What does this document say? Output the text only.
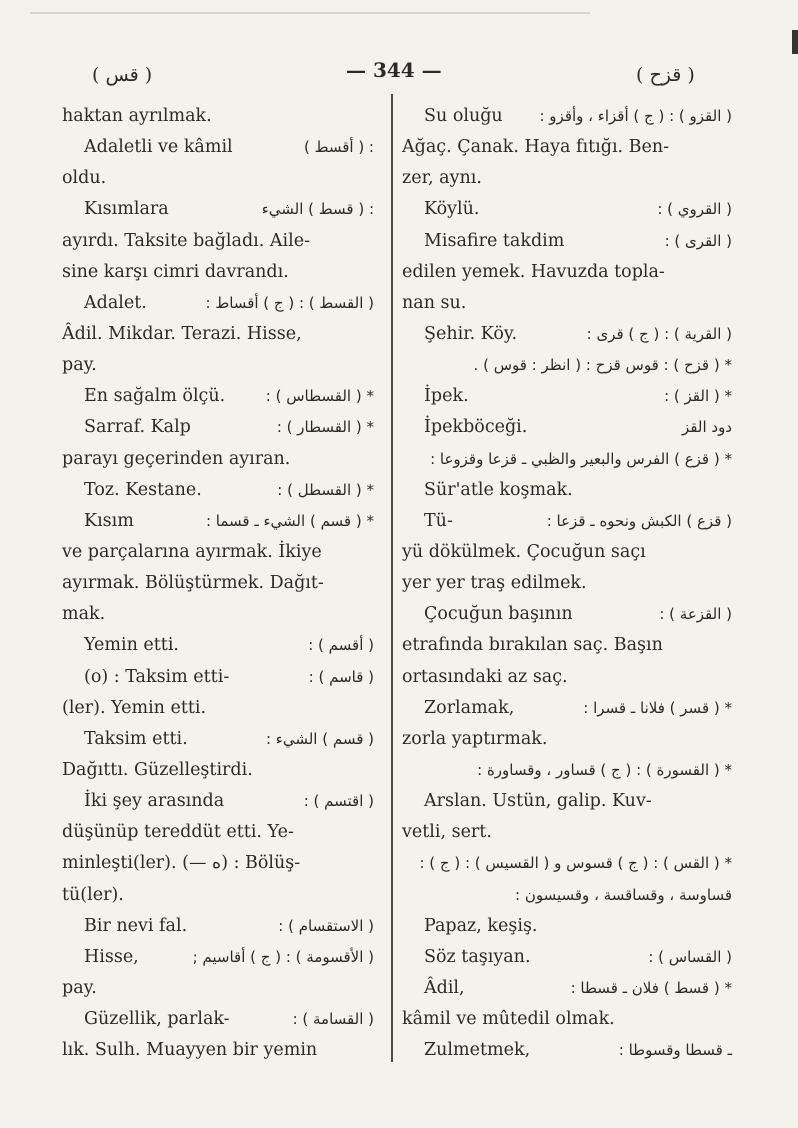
( قس )	— 344 —	( قزح )
haktan ayrılmak.
Adaletli ve kâmil	: ( أقسط )
oldu.
Kısımlara	: ( قسط ) الشيء
ayırdı. Taksite bağladı. Aile-
sine karşı cimri davrandı.
Adalet.	( القسط ) : ( ج ) أقساط :
Âdil. Mikdar. Terazi. Hisse,
pay.
En sağalm ölçü.	* ( القسطاس ) :
Sarraf. Kalp	* ( القسطار ) :
parayı geçerinden ayıran.
Toz. Kestane.	* ( القسطل ) :
Kısım	* ( قسم ) الشيء ـ قسما :
ve parçalarına ayırmak. İkiye
ayırmak. Bölüştürmek. Dağıt-
mak.
Yemin etti.	( أقسم ) :
(o) : Taksim etti-	( قاسم ) :
(ler). Yemin etti.
Taksim etti.	( قسم ) الشيء :
Dağıttı. Güzelleştirdi.
İki şey arasında	( اقتسم ) :
düşünüp tereddüt etti. Ye-
minleşti(ler). (— ه) : Bölüş-
tü(ler).
Bir nevi fal.	( الاستقسام ) :
Hisse,	( الأقسومة ) : ( ج ) أقاسيم ;
pay.
Güzellik, parlak-	( القسامة ) :
lık. Sulh. Muayyen bir yemin
Su oluğu ( القزو ) : ( ج ) أقزاء ، وأقزو :
Ağaç. Çanak. Haya fıtığı. Ben-
zer, aynı.
Köylü.	( القروي ) :
Misafire takdim	( القرى ) :
edilen yemek. Havuzda topla-
nan su.
Şehir. Köy.	( القرية ) : ( ج ) قرى :
* ( قزح ) : قوس قزح : ( انظر : قوس ) .
İpek.	* ( القز ) :
İpekböceği.	دود القز
* ( قزع ) الفرس والبعير والظبي ـ قزعا وقزوعا :
Sür'atle koşmak.
Tü-	( قزع ) الكبش ونحوه ـ قزعا :
yü dökülmek. Çocuğun saçı
yer yer traş edilmek.
Çocuğun başının	( القزعة ) :
etrafında bırakılan saç. Başın
ortasındaki az saç.
Zorlamak,	* ( قسر ) فلانا ـ قسرا :
zorla yaptırmak.
* ( القسورة ) : ( ج ) قساور ، وقساورة :
Arslan. Ustün, galip. Kuv-
vetli, sert.
* ( القس ) : ( ج ) قسوس و ( القسيس ) : ( ج ) :
قساوسة ، وقساقسة ، وقسيسون :
Papaz, keşiş.
Söz taşıyan.	( القساس ) :
Âdil,	* ( قسط ) فلان ـ قسطا :
kâmil ve mûtedil olmak.
Zulmetmek,	ـ قسطا وقسوطا :
